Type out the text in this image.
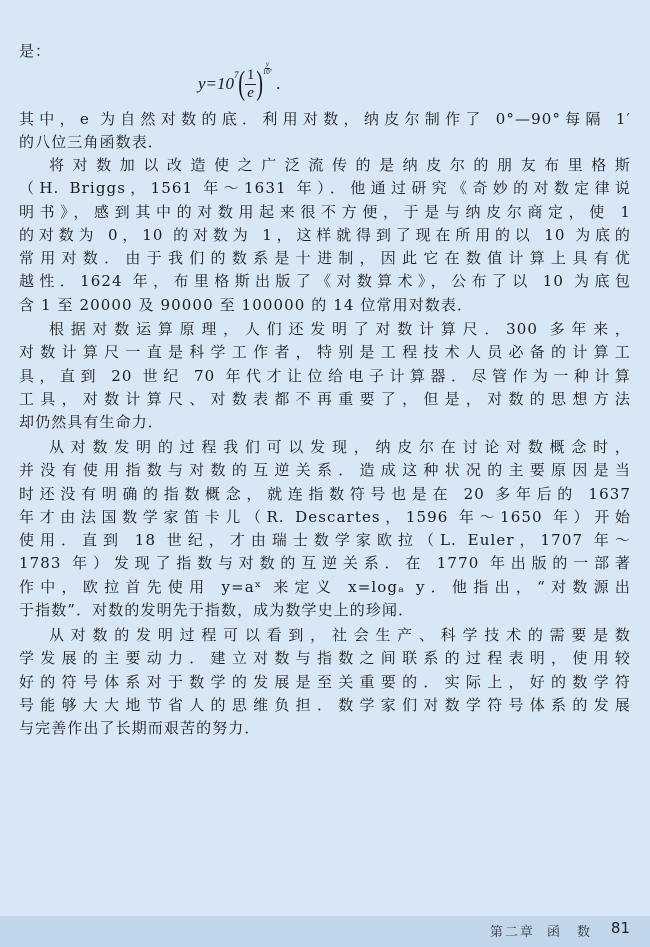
是：
y=10 7 ( $\frac{1}{e}$ ) $\frac{y}{\text{10⁷}}$
.
其中，e 为自然对数的底．利用对数，纳皮尔制作了 0°—90°每隔 1′
的八位三角函数表．
将对数加以改造使之广泛流传的是纳皮尔的朋友布里格斯
（H. Briggs，1561 年～1631 年）．他通过研究《奇妙的对数定律说
明书》，感到其中的对数用起来很不方便，于是与纳皮尔商定，使 1
的对数为 0，10 的对数为 1，这样就得到了现在所用的以 10 为底的
常用对数．由于我们的数系是十进制，因此它在数值计算上具有优
越性．1624 年，布里格斯出版了《对数算术》，公布了以 10 为底包
含 1 至 20000 及 90000 至 100000 的 14 位常用对数表．
根据对数运算原理，人们还发明了对数计算尺．300 多年来，
对数计算尺一直是科学工作者，特别是工程技术人员必备的计算工
具，直到 20 世纪 70 年代才让位给电子计算器．尽管作为一种计算
工具，对数计算尺、对数表都不再重要了，但是，对数的思想方法
却仍然具有生命力．
从对数发明的过程我们可以发现，纳皮尔在讨论对数概念时，
并没有使用指数与对数的互逆关系．造成这种状况的主要原因是当
时还没有明确的指数概念，就连指数符号也是在 20 多年后的 1637
年才由法国数学家笛卡儿（R. Descartes，1596 年～1650 年）开始
使用．直到 18 世纪，才由瑞士数学家欧拉（L. Euler，1707 年～
1783 年）发现了指数与对数的互逆关系．在 1770 年出版的一部著
作中，欧拉首先使用 y=aˣ 来定义 x=logₐ y．他指出，“对数源出
于指数”．对数的发明先于指数，成为数学史上的珍闻．
从对数的发明过程可以看到，社会生产、科学技术的需要是数
学发展的主要动力．建立对数与指数之间联系的过程表明，使用较
好的符号体系对于数学的发展是至关重要的．实际上，好的数学符
号能够大大地节省人的思维负担．数学家们对数学符号体系的发展
与完善作出了长期而艰苦的努力．
第二章 函　数 81
